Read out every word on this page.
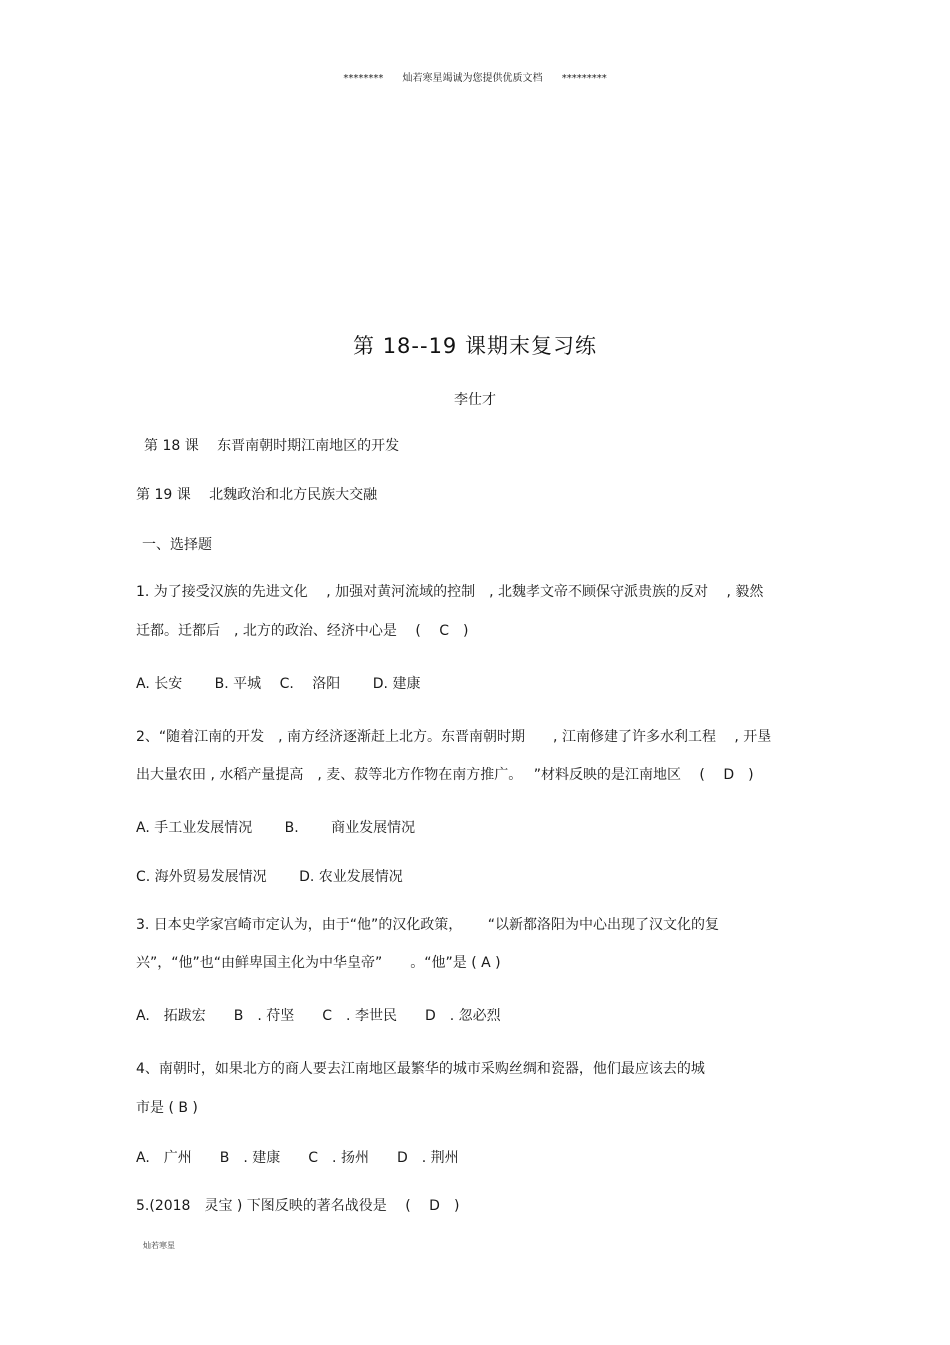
******** 灿若寒星竭诚为您提供优质文档 *********
第 18--19 课期末复习练
李仕才
第 18 课　 东晋南朝时期江南地区的开发
第 19 课　 北魏政治和北方民族大交融
一、选择题
1. 为了接受汉族的先进文化　 , 加强对黄河流域的控制　, 北魏孝文帝不顾保守派贵族的反对　 , 毅然
迁都。迁都后　, 北方的政治、经济中心是　 (　 C　)
A. 长安　　 B. 平城　 C.　 洛阳　　 D. 建康
2、“随着江南的开发　, 南方经济逐渐赶上北方。东晋南朝时期　　, 江南修建了许多水利工程　 , 开垦
出大量农田 , 水稻产量提高　, 麦、菽等北方作物在南方推广。　 ”材料反映的是江南地区　 (　 D　)
A. 手工业发展情况　　 B.　　 商业发展情况
C. 海外贸易发展情况　　 D. 农业发展情况
3. 日本史学家宫崎市定认为，由于“他”的汉化政策，　　 “以新都洛阳为中心出现了汉文化的复
兴”，“他”也“由鲜卑国主化为中华皇帝”　　。“他”是 ( A )
A.　拓跋宏　　B　. 苻坚　　C　. 李世民　　D　. 忽必烈
4、南朝时，如果北方的商人要去江南地区最繁华的城市采购丝绸和瓷器，他们最应该去的城
市是 ( B )
A.　广州　　B　. 建康　　C　. 扬州　　D　. 荆州
5.(2018　灵宝 ) 下图反映的著名战役是　 (　 D　)
灿若寒星
